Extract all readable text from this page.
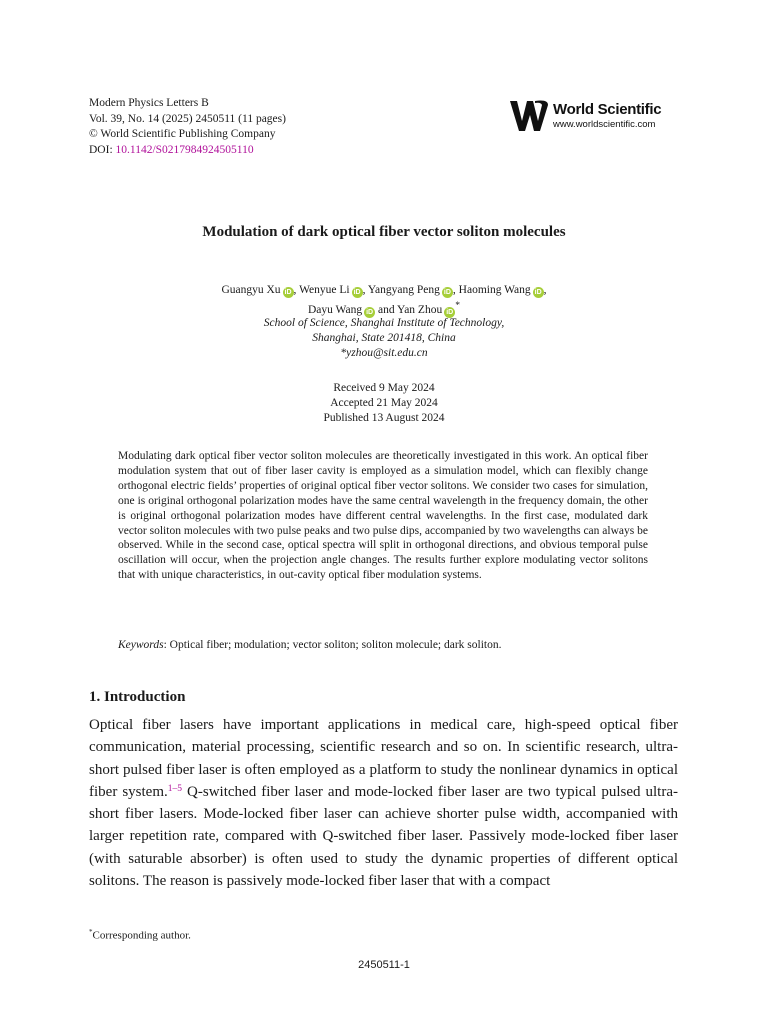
Modern Physics Letters B
Vol. 39, No. 14 (2025) 2450511 (11 pages)
© World Scientific Publishing Company
DOI: 10.1142/S0217984924505110
World Scientific
www.worldscientific.com
Modulation of dark optical fiber vector soliton molecules
Guangyu Xu iD , Wenyue Li iD , Yangyang Peng iD , Haoming Wang iD ,
Dayu Wang iD and Yan Zhou iD*
School of Science, Shanghai Institute of Technology,
Shanghai, State 201418, China
*yzhou@sit.edu.cn
Received 9 May 2024
Accepted 21 May 2024
Published 13 August 2024
Modulating dark optical fiber vector soliton molecules are theoretically investigated in this work. An optical fiber modulation system that out of fiber laser cavity is employed as a simulation model, which can flexibly change orthogonal electric fields’ properties of original optical fiber vector solitons. We consider two cases for simulation, one is original orthogonal polarization modes have the same central wavelength in the frequency domain, the other is original orthogonal polarization modes have different central wavelengths. In the first case, modulated dark vector soliton molecules with two pulse peaks and two pulse dips, accompanied by two wavelengths can always be observed. While in the second case, optical spectra will split in orthogonal directions, and obvious temporal pulse oscillation will occur, when the projection angle changes. The results further explore modulating vector solitons that with unique characteristics, in out-cavity optical fiber modulation systems.
Keywords: Optical fiber; modulation; vector soliton; soliton molecule; dark soliton.
1. Introduction
Optical fiber lasers have important applications in medical care, high-speed optical fiber communication, material processing, scientific research and so on. In scientific research, ultra-short pulsed fiber laser is often employed as a platform to study the nonlinear dynamics in optical fiber system.$^{1-5}$ Q-switched fiber laser and mode-locked fiber laser are two typical pulsed ultra-short fiber lasers. Mode-locked fiber laser can achieve shorter pulse width, accompanied with larger repetition rate, compared with Q-switched fiber laser. Passively mode-locked fiber laser (with saturable absorber) is often used to study the dynamic properties of different optical solitons. The reason is passively mode-locked fiber laser that with a compact
*Corresponding author.
2450511-1
